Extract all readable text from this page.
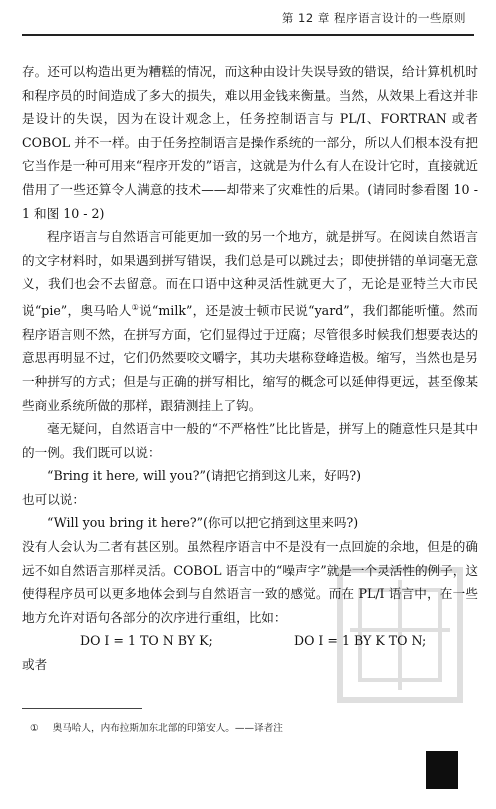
第 12 章 程序语言设计的一些原则

存。还可以构造出更为糟糕的情况，而这种由设计失误导致的错误，给计算机机时和程序员的时间造成了多大的损失，难以用金钱来衡量。当然，从效果上看这并非是设计的失误，因为在设计观念上，任务控制语言与 PL/I、FORTRAN 或者 COBOL 并不一样。由于任务控制语言是操作系统的一部分，所以人们根本没有把它当作是一种可用来“程序开发的”语言，这就是为什么有人在设计它时，直接就近借用了一些还算令人满意的技术——却带来了灾难性的后果。(请同时参看图 10 - 1 和图 10 - 2)

程序语言与自然语言可能更加一致的另一个地方，就是拼写。在阅读自然语言的文字材料时，如果遇到拼写错误，我们总是可以跳过去；即使拼错的单词毫无意义，我们也会不去留意。而在口语中这种灵活性就更大了，无论是亚特兰大市民说“pie”，奥马哈人①说“milk”，还是波士顿市民说“yard”，我们都能听懂。然而程序语言则不然，在拼写方面，它们显得过于迂腐；尽管很多时候我们想要表达的意思再明显不过，它们仍然要咬文嚼字，其功夫堪称登峰造极。缩写，当然也是另一种拼写的方式；但是与正确的拼写相比，缩写的概念可以延伸得更远，甚至像某些商业系统所做的那样，跟猜测挂上了钩。

毫无疑问，自然语言中一般的“不严格性”比比皆是，拼写上的随意性只是其中的一例。我们既可以说：

“Bring it here, will you?”(请把它捎到这儿来，好吗?)

也可以说：

“Will you bring it here?”(你可以把它捎到这里来吗?)

没有人会认为二者有甚区别。虽然程序语言中不是没有一点回旋的余地，但是的确远不如自然语言那样灵活。COBOL 语言中的“噪声字”就是一个灵活性的例子，这使得程序员可以更多地体会到与自然语言一致的感觉。而在 PL/I 语言中，在一些地方允许对语句各部分的次序进行重组，比如：

DO I = 1 TO N BY K;	DO I = 1 BY K TO N;

或者

① 奥马哈人，内布拉斯加东北部的印第安人。——译者注
